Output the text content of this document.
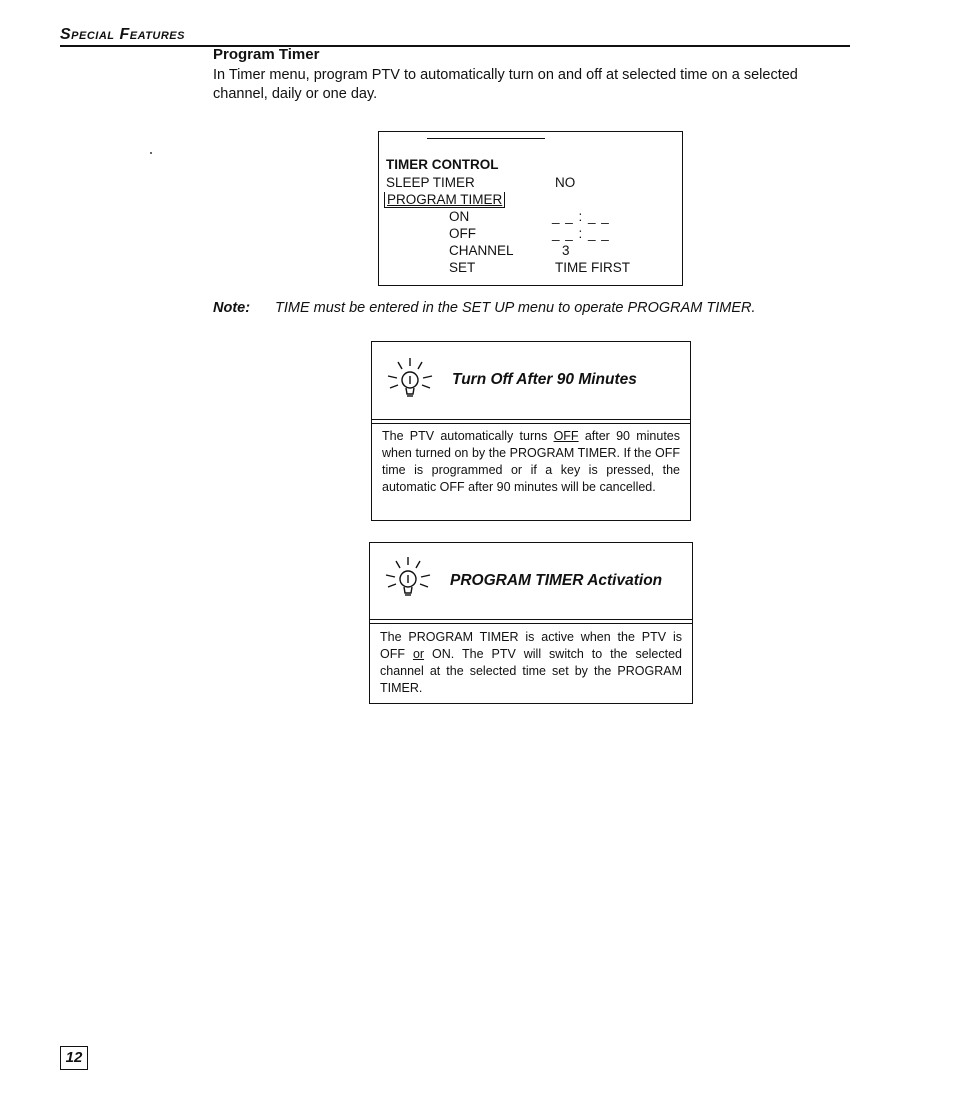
Special Features
Program Timer
In Timer menu, program PTV to automatically turn on and off at selected time on a selected channel, daily or one day.
TIMER CONTROL
SLEEP TIMER	NO
PROGRAM TIMER
ON	_ _ : _ _
OFF	_ _ : _ _
CHANNEL	3
SET	TIME FIRST
Note: TIME must be entered in the SET UP menu to operate PROGRAM TIMER.
Turn Off After 90 Minutes
The PTV automatically turns OFF after 90 minutes when turned on by the PROGRAM TIMER. If the OFF time is programmed or if a key is pressed, the automatic OFF after 90 minutes will be cancelled.
PROGRAM TIMER Activation
The PROGRAM TIMER is active when the PTV is OFF or ON. The PTV will switch to the selected channel at the selected time set by the PROGRAM TIMER.
12
